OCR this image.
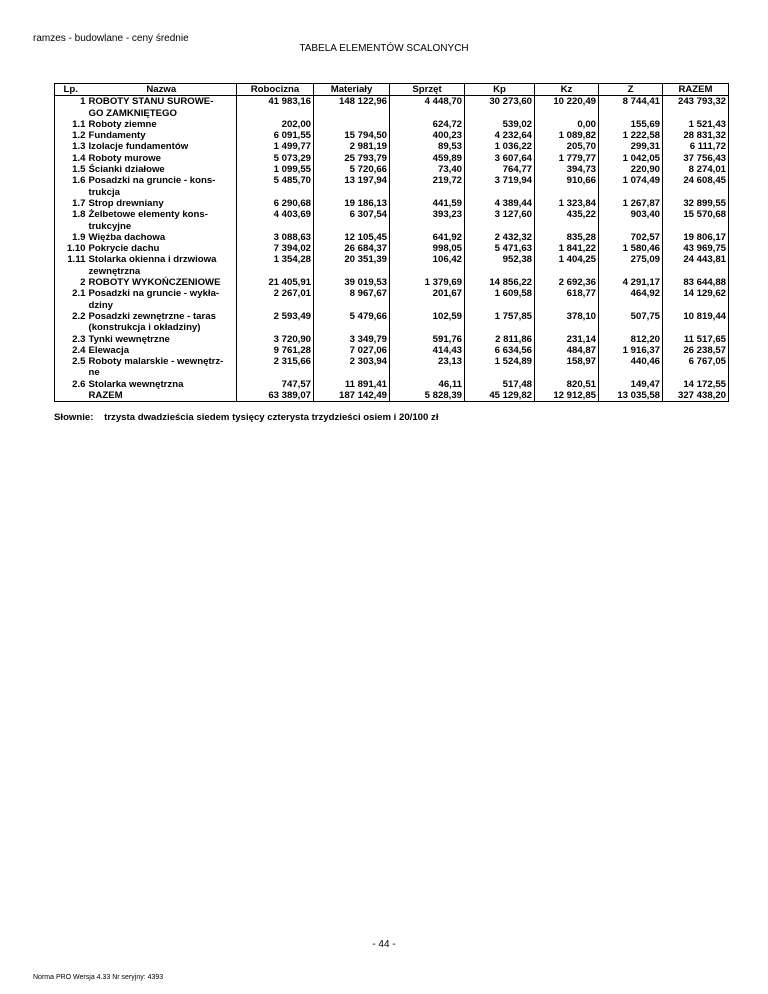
ramzes - budowlane - ceny średnie
TABELA ELEMENTÓW SCALONYCH
Lp.	Nazwa	Robocizna	Materiały	Sprzęt	Kp	Kz	Z	RAZEM
1	ROBOTY STANU SUROWE-
GO ZAMKNIĘTEGO	41 983,16	148 122,96	4 448,70	30 273,60	10 220,49	8 744,41	243 793,32
1.1	Roboty ziemne	202,00		624,72	539,02	0,00	155,69	1 521,43
1.2	Fundamenty	6 091,55	15 794,50	400,23	4 232,64	1 089,82	1 222,58	28 831,32
1.3	Izolacje fundamentów	1 499,77	2 981,19	89,53	1 036,22	205,70	299,31	6 111,72
1.4	Roboty murowe	5 073,29	25 793,79	459,89	3 607,64	1 779,77	1 042,05	37 756,43
1.5	Ścianki działowe	1 099,55	5 720,66	73,40	764,77	394,73	220,90	8 274,01
1.6	Posadzki na gruncie - kons-
trukcja	5 485,70	13 197,94	219,72	3 719,94	910,66	1 074,49	24 608,45
1.7	Strop drewniany	6 290,68	19 186,13	441,59	4 389,44	1 323,84	1 267,87	32 899,55
1.8	Żelbetowe elementy kons-
trukcyjne	4 403,69	6 307,54	393,23	3 127,60	435,22	903,40	15 570,68
1.9	Więźba dachowa	3 088,63	12 105,45	641,92	2 432,32	835,28	702,57	19 806,17
1.10	Pokrycie dachu	7 394,02	26 684,37	998,05	5 471,63	1 841,22	1 580,46	43 969,75
1.11	Stolarka okienna i drzwiowa
zewnętrzna	1 354,28	20 351,39	106,42	952,38	1 404,25	275,09	24 443,81
2	ROBOTY WYKOŃCZENIOWE	21 405,91	39 019,53	1 379,69	14 856,22	2 692,36	4 291,17	83 644,88
2.1	Posadzki na gruncie - wykła-
dziny	2 267,01	8 967,67	201,67	1 609,58	618,77	464,92	14 129,62
2.2	Posadzki zewnętrzne - taras
(konstrukcja i okładziny)	2 593,49	5 479,66	102,59	1 757,85	378,10	507,75	10 819,44
2.3	Tynki wewnętrzne	3 720,90	3 349,79	591,76	2 811,86	231,14	812,20	11 517,65
2.4	Elewacja	9 761,28	7 027,06	414,43	6 634,56	484,87	1 916,37	26 238,57
2.5	Roboty malarskie - wewnętrz-
ne	2 315,66	2 303,94	23,13	1 524,89	158,97	440,46	6 767,05
2.6	Stolarka wewnętrzna	747,57	11 891,41	46,11	517,48	820,51	149,47	14 172,55

	RAZEM	63 389,07	187 142,49	5 828,39	45 129,82	12 912,85	13 035,58	327 438,20
Słownie: trzysta dwadzieścia siedem tysięcy czterysta trzydzieści osiem i 20/100 zł
- 44 -
Norma PRO Wersja 4.33 Nr seryjny: 4393
